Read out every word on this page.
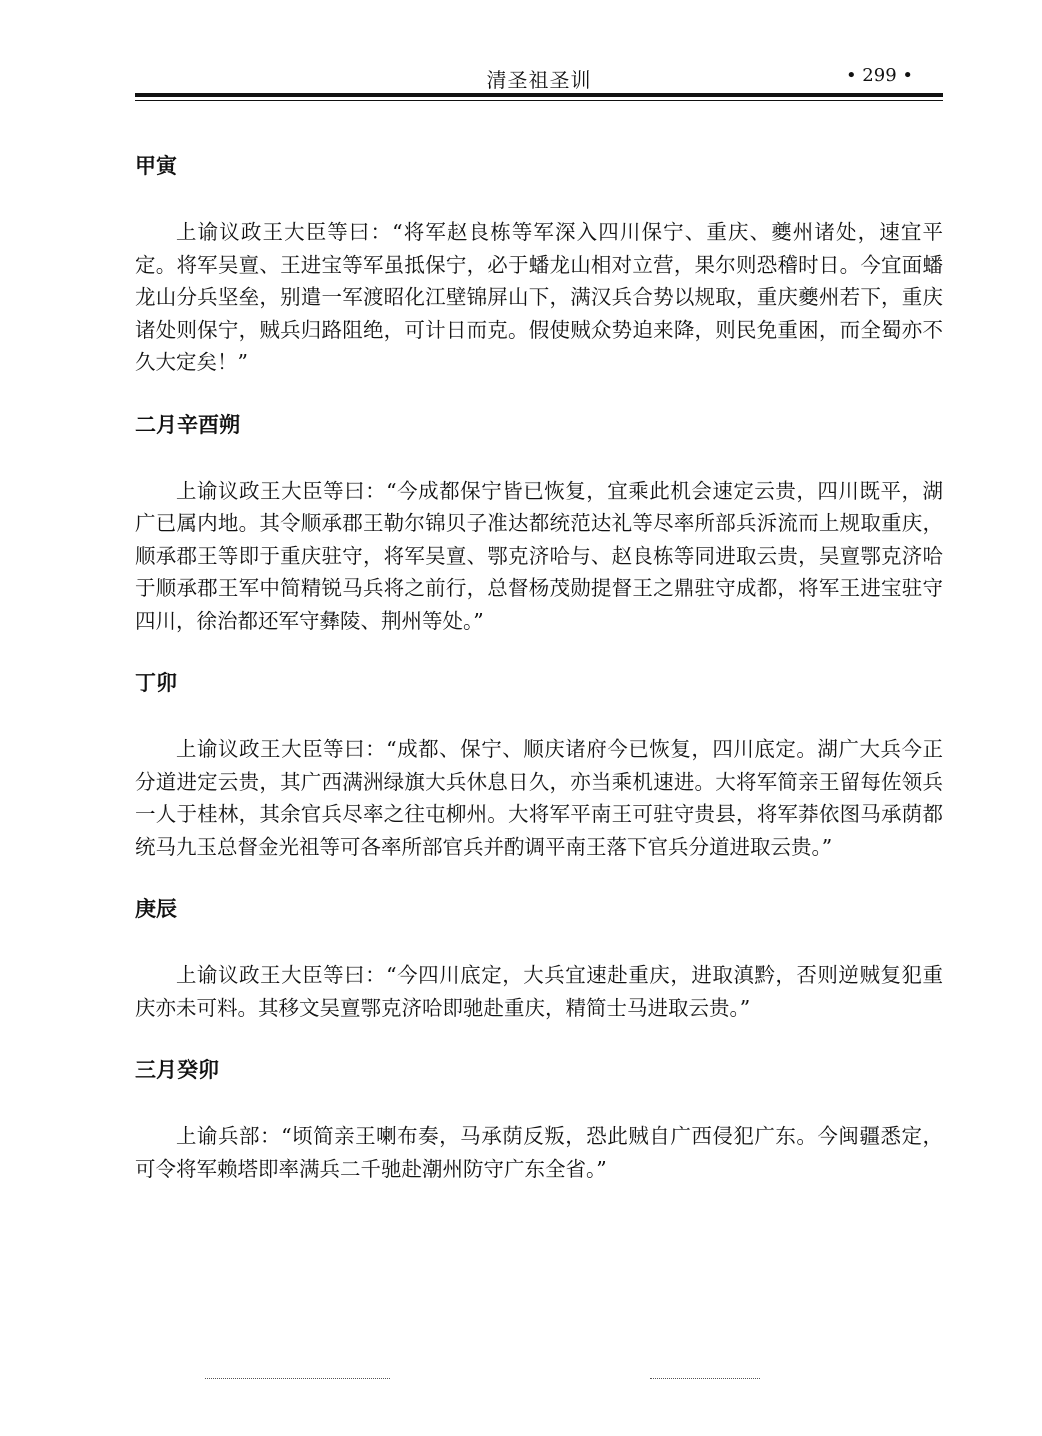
清圣祖圣训	• 299 •
甲寅

上谕议政王大臣等曰：“将军赵良栋等军深入四川保宁、重庆、夔州诸处，速宜平定。将军吴亶、王进宝等军虽抵保宁，必于蟠龙山相对立营，果尔则恐稽时日。今宜面蟠龙山分兵坚垒，别遣一军渡昭化江壁锦屏山下，满汉兵合势以规取，重庆夔州若下，重庆诸处则保宁，贼兵归路阻绝，可计日而克。假使贼众势迫来降，则民免重困，而全蜀亦不久大定矣！”

二月辛酉朔

上谕议政王大臣等曰：“今成都保宁皆已恢复，宜乘此机会速定云贵，四川既平，湖广已属内地。其令顺承郡王勒尔锦贝子准达都统范达礼等尽率所部兵泝流而上规取重庆，顺承郡王等即于重庆驻守，将军吴亶、鄂克济哈与、赵良栋等同进取云贵，吴亶鄂克济哈于顺承郡王军中简精锐马兵将之前行，总督杨茂勋提督王之鼎驻守成都，将军王进宝驻守四川，徐治都还军守彝陵、荆州等处。”

丁卯

上谕议政王大臣等曰：“成都、保宁、顺庆诸府今已恢复，四川底定。湖广大兵今正分道进定云贵，其广西满洲绿旗大兵休息日久，亦当乘机速进。大将军简亲王留每佐领兵一人于桂林，其余官兵尽率之往屯柳州。大将军平南王可驻守贵县，将军莽依图马承荫都统马九玉总督金光祖等可各率所部官兵并酌调平南王落下官兵分道进取云贵。”

庚辰

上谕议政王大臣等曰：“今四川底定，大兵宜速赴重庆，进取滇黔，否则逆贼复犯重庆亦未可料。其移文吴亶鄂克济哈即驰赴重庆，精简士马进取云贵。”

三月癸卯

上谕兵部：“顷简亲王喇布奏，马承荫反叛，恐此贼自广西侵犯广东。今闽疆悉定，可令将军赖塔即率满兵二千驰赴潮州防守广东全省。”
